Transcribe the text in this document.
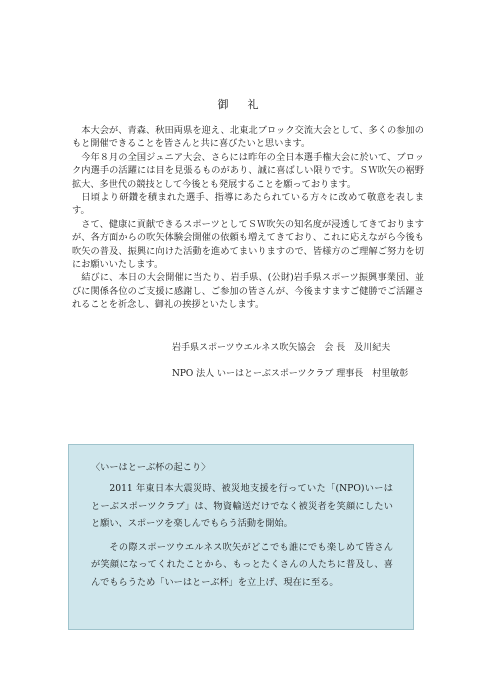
御　礼

本大会が、青森、秋田両県を迎え、北東北ブロック交流大会として、多くの参加のもと開催できることを皆さんと共に喜びたいと思います。

今年８月の全国ジュニア大会、さらには昨年の全日本選手権大会に於いて、ブロック内選手の活躍には目を見張るものがあり、誠に喜ばしい限りです。ＳＷ吹矢の裾野拡大、多世代の競技として今後とも発展することを願っております。

日頃より研鑽を積まれた選手、指導にあたられている方々に改めて敬意を表します。

さて、健康に貢献できるスポーツとしてＳＷ吹矢の知名度が浸透してきておりますが、各方面からの吹矢体験会開催の依頼も増えてきており、これに応えながら今後も吹矢の普及、振興に向けた活動を進めてまいりますので、皆様方のご理解ご努力を切にお願いいたします。

結びに、本日の大会開催に当たり、岩手県、(公財)岩手県スポーツ振興事業団、並びに関係各位のご支援に感謝し、ご参加の皆さんが、今後ますますご健勝でご活躍されることを祈念し、御礼の挨拶といたします。

岩手県スポーツウエルネス吹矢協会　会 長　及川紀夫
NPO 法人 いーはとーぶスポーツクラブ 理事長　村里敏彰
〈いーはとーぶ杯の起こり〉

2011 年東日本大震災時、被災地支援を行っていた「(NPO)いーはとーぶスポーツクラブ」は、物資輸送だけでなく被災者を笑顔にしたいと願い、スポーツを楽しんでもらう活動を開始。

その際スポーツウエルネス吹矢がどこでも誰にでも楽しめて皆さんが笑顔になってくれたことから、もっとたくさんの人たちに普及し、喜んでもらうため「いーはとーぶ杯」を立上げ、現在に至る。
